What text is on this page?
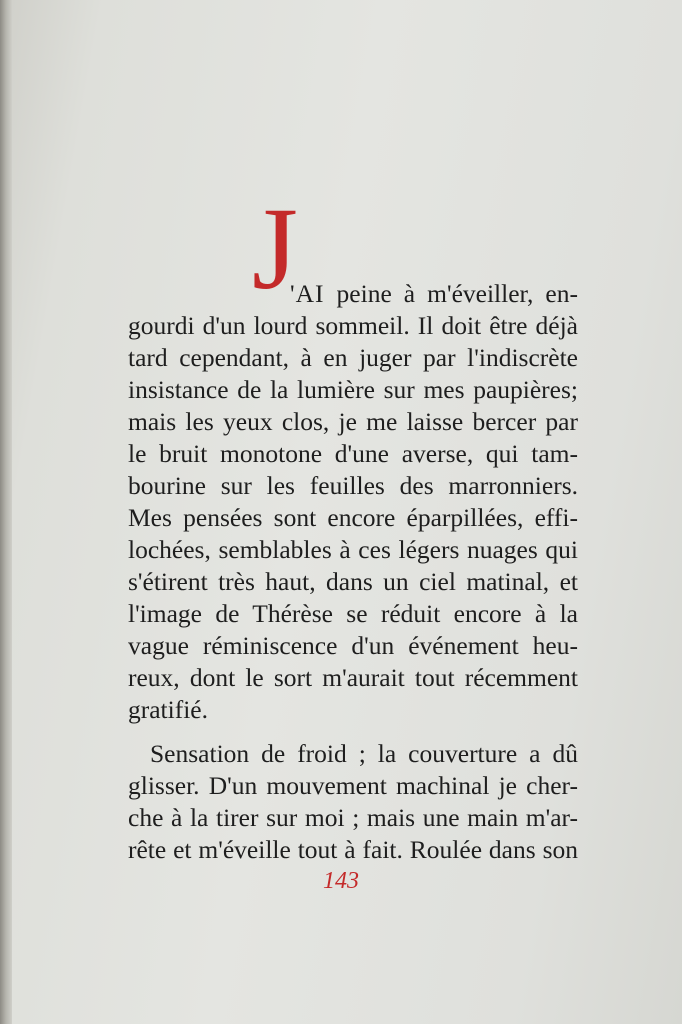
J

'AI peine à m'éveiller, en-

gourdi d'un lourd sommeil. Il doit être déjà

tard cependant, à en juger par l'indiscrète

insistance de la lumière sur mes paupières;

mais les yeux clos, je me laisse bercer par

le bruit monotone d'une averse, qui tam-

bourine sur les feuilles des marronniers.

Mes pensées sont encore éparpillées, effi-

lochées, semblables à ces légers nuages qui

s'étirent très haut, dans un ciel matinal, et

l'image de Thérèse se réduit encore à la

vague réminiscence d'un événement heu-

reux, dont le sort m'aurait tout récemment

gratifié.

Sensation de froid ; la couverture a dû

glisser. D'un mouvement machinal je cher-

che à la tirer sur moi ; mais une main m'ar-

rête et m'éveille tout à fait. Roulée dans son

143
